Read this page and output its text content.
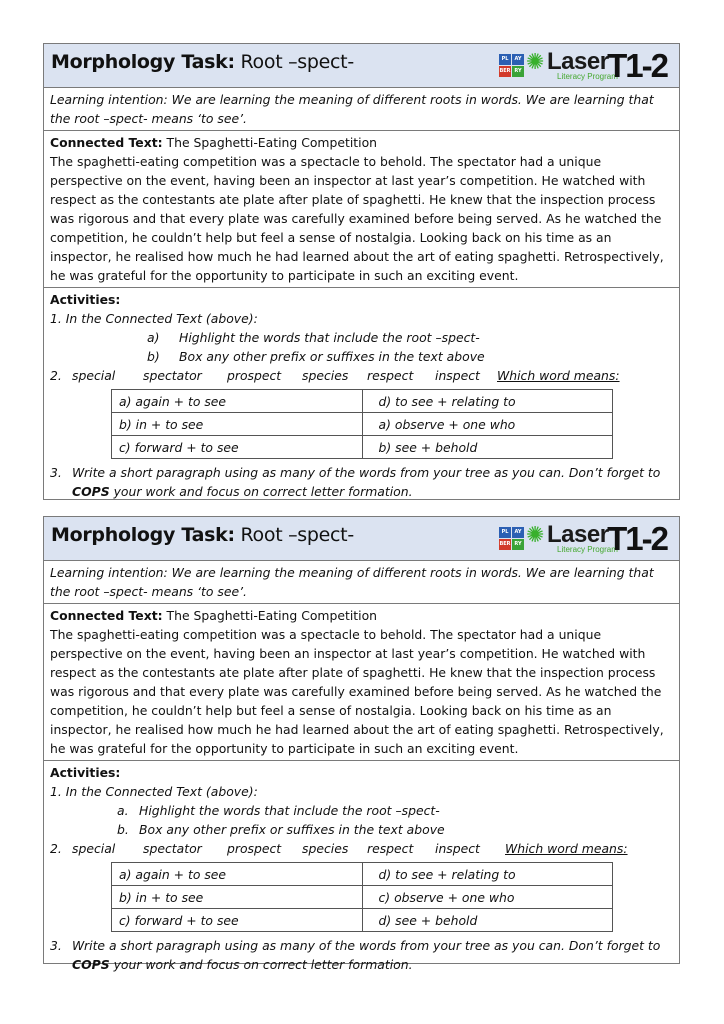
Morphology Task: Root –spect-	PL	AY
BER RY ✺ Laser
Literacy Program
T1-2
Learning intention: We are learning the meaning of different roots in words. We are learning that the root –spect- means ‘to see’.
Connected Text: The Spaghetti-Eating Competition
The spaghetti-eating competition was a spectacle to behold. The spectator had a unique perspective on the event, having been an inspector at last year’s competition. He watched with respect as the contestants ate plate after plate of spaghetti. He knew that the inspection process was rigorous and that every plate was carefully examined before being served. As he watched the competition, he couldn’t help but feel a sense of nostalgia. Looking back on his time as an inspector, he realised how much he had learned about the art of eating spaghetti. Retrospectively, he was grateful for the opportunity to participate in such an exciting event.
Activities:
1. In the Connected Text (above):
a) Highlight the words that include the root –spect-
b) Box any other prefix or suffixes in the text above
2. special spectator prospect species respect inspect Which word means:
a) again + to see	d) to see + relating to
b) in + to see	a) observe + one who
c) forward + to see	b) see + behold
3. Write a short paragraph using as many of the words from your tree as you can. Don’t forget to
COPS your work and focus on correct letter formation.
Morphology Task: Root –spect-	PL	AY
BER RY ✺ Laser
Literacy Program
T1-2
Learning intention: We are learning the meaning of different roots in words. We are learning that the root –spect- means ‘to see’.
Connected Text: The Spaghetti-Eating Competition
The spaghetti-eating competition was a spectacle to behold. The spectator had a unique perspective on the event, having been an inspector at last year’s competition. He watched with respect as the contestants ate plate after plate of spaghetti. He knew that the inspection process was rigorous and that every plate was carefully examined before being served. As he watched the competition, he couldn’t help but feel a sense of nostalgia. Looking back on his time as an inspector, he realised how much he had learned about the art of eating spaghetti. Retrospectively, he was grateful for the opportunity to participate in such an exciting event.
Activities:
1. In the Connected Text (above):
a. Highlight the words that include the root –spect-
b. Box any other prefix or suffixes in the text above
2. special spectator prospect species respect inspect Which word means:
a) again + to see	d) to see + relating to
b) in + to see	c) observe + one who
c) forward + to see	d) see + behold
3. Write a short paragraph using as many of the words from your tree as you can. Don’t forget to
COPS your work and focus on correct letter formation.
